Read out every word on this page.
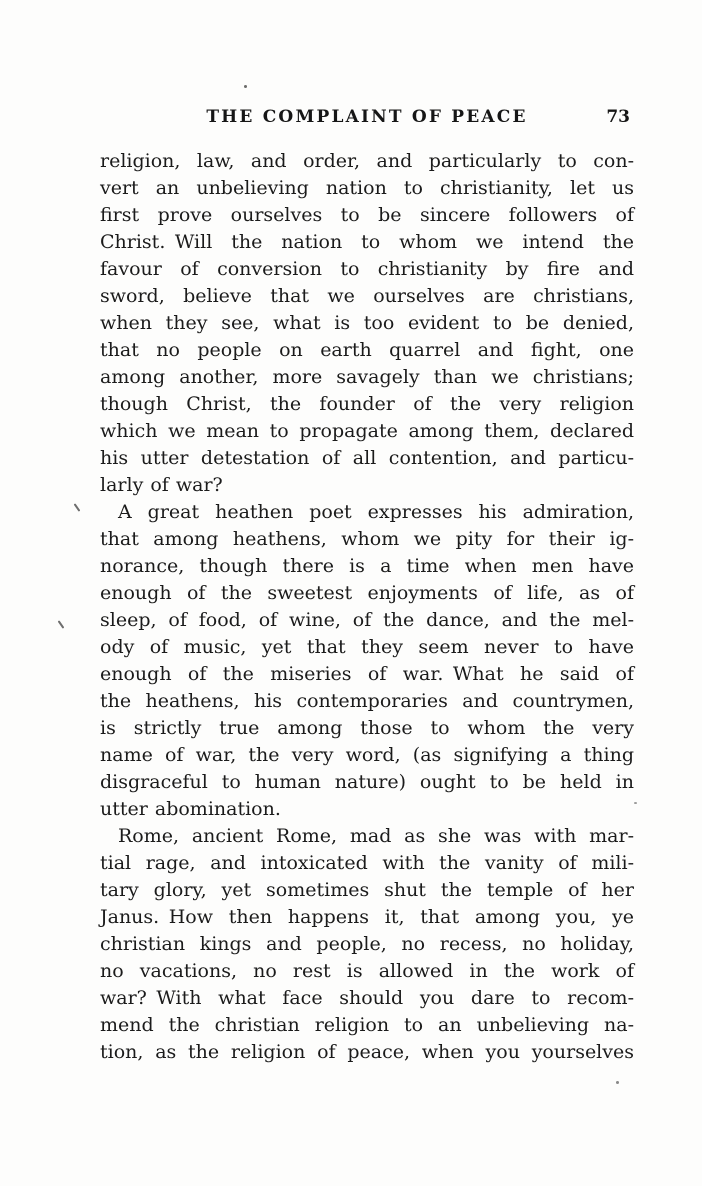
THE COMPLAINT OF PEACE	73
religion, law, and order, and particularly to con-
vert an unbelieving nation to christianity, let us
first prove ourselves to be sincere followers of
Christ. Will the nation to whom we intend the
favour of conversion to christianity by fire and
sword, believe that we ourselves are christians,
when they see, what is too evident to be denied,
that no people on earth quarrel and fight, one
among another, more savagely than we christians;
though Christ, the founder of the very religion
which we mean to propagate among them, declared
his utter detestation of all contention, and particu-
larly of war?
A great heathen poet expresses his admiration,
that among heathens, whom we pity for their ig-
norance, though there is a time when men have
enough of the sweetest enjoyments of life, as of
sleep, of food, of wine, of the dance, and the mel-
ody of music, yet that they seem never to have
enough of the miseries of war. What he said of
the heathens, his contemporaries and countrymen,
is strictly true among those to whom the very
name of war, the very word, (as signifying a thing
disgraceful to human nature) ought to be held in
utter abomination.
Rome, ancient Rome, mad as she was with mar-
tial rage, and intoxicated with the vanity of mili-
tary glory, yet sometimes shut the temple of her
Janus. How then happens it, that among you, ye
christian kings and people, no recess, no holiday,
no vacations, no rest is allowed in the work of
war? With what face should you dare to recom-
mend the christian religion to an unbelieving na-
tion, as the religion of peace, when you yourselves
